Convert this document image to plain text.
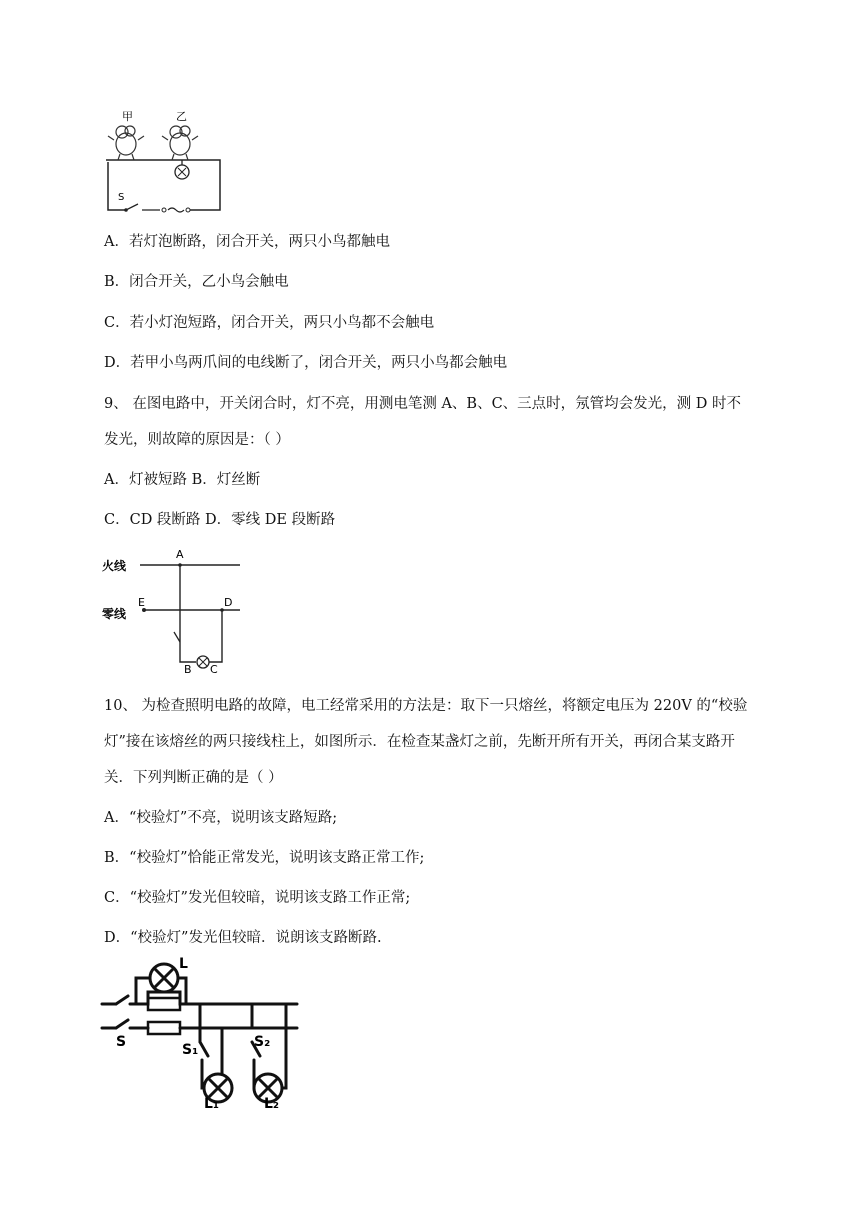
甲	乙
S
A．若灯泡断路，闭合开关，两只小鸟都触电
B．闭合开关，乙小鸟会触电
C．若小灯泡短路，闭合开关，两只小鸟都不会触电
D．若甲小鸟两爪间的电线断了，闭合开关，两只小鸟都会触电
9、 在图电路中，开关闭合时，灯不亮，用测电笔测 A、B、C、三点时，氖管均会发光，测 D 时不
发光，则故障的原因是：（ ）
A．灯被短路 B．灯丝断
C．CD 段断路 D．零线 DE 段断路
火线
零线
A
E	D
B C
10、 为检查照明电路的故障，电工经常采用的方法是：取下一只熔丝，将额定电压为 220V 的“校验
灯”接在该熔丝的两只接线柱上，如图所示．在检查某盏灯之前，先断开所有开关，再闭合某支路开
关．下列判断正确的是（ ）
A．“校验灯”不亮，说明该支路短路;
B．“校验灯”恰能正常发光，说明该支路正常工作;
C．“校验灯”发光但较暗，说明该支路工作正常;
D．“校验灯”发光但较暗．说朗该支路断路.
L
S	S₁	S₂
L₁	L₂
